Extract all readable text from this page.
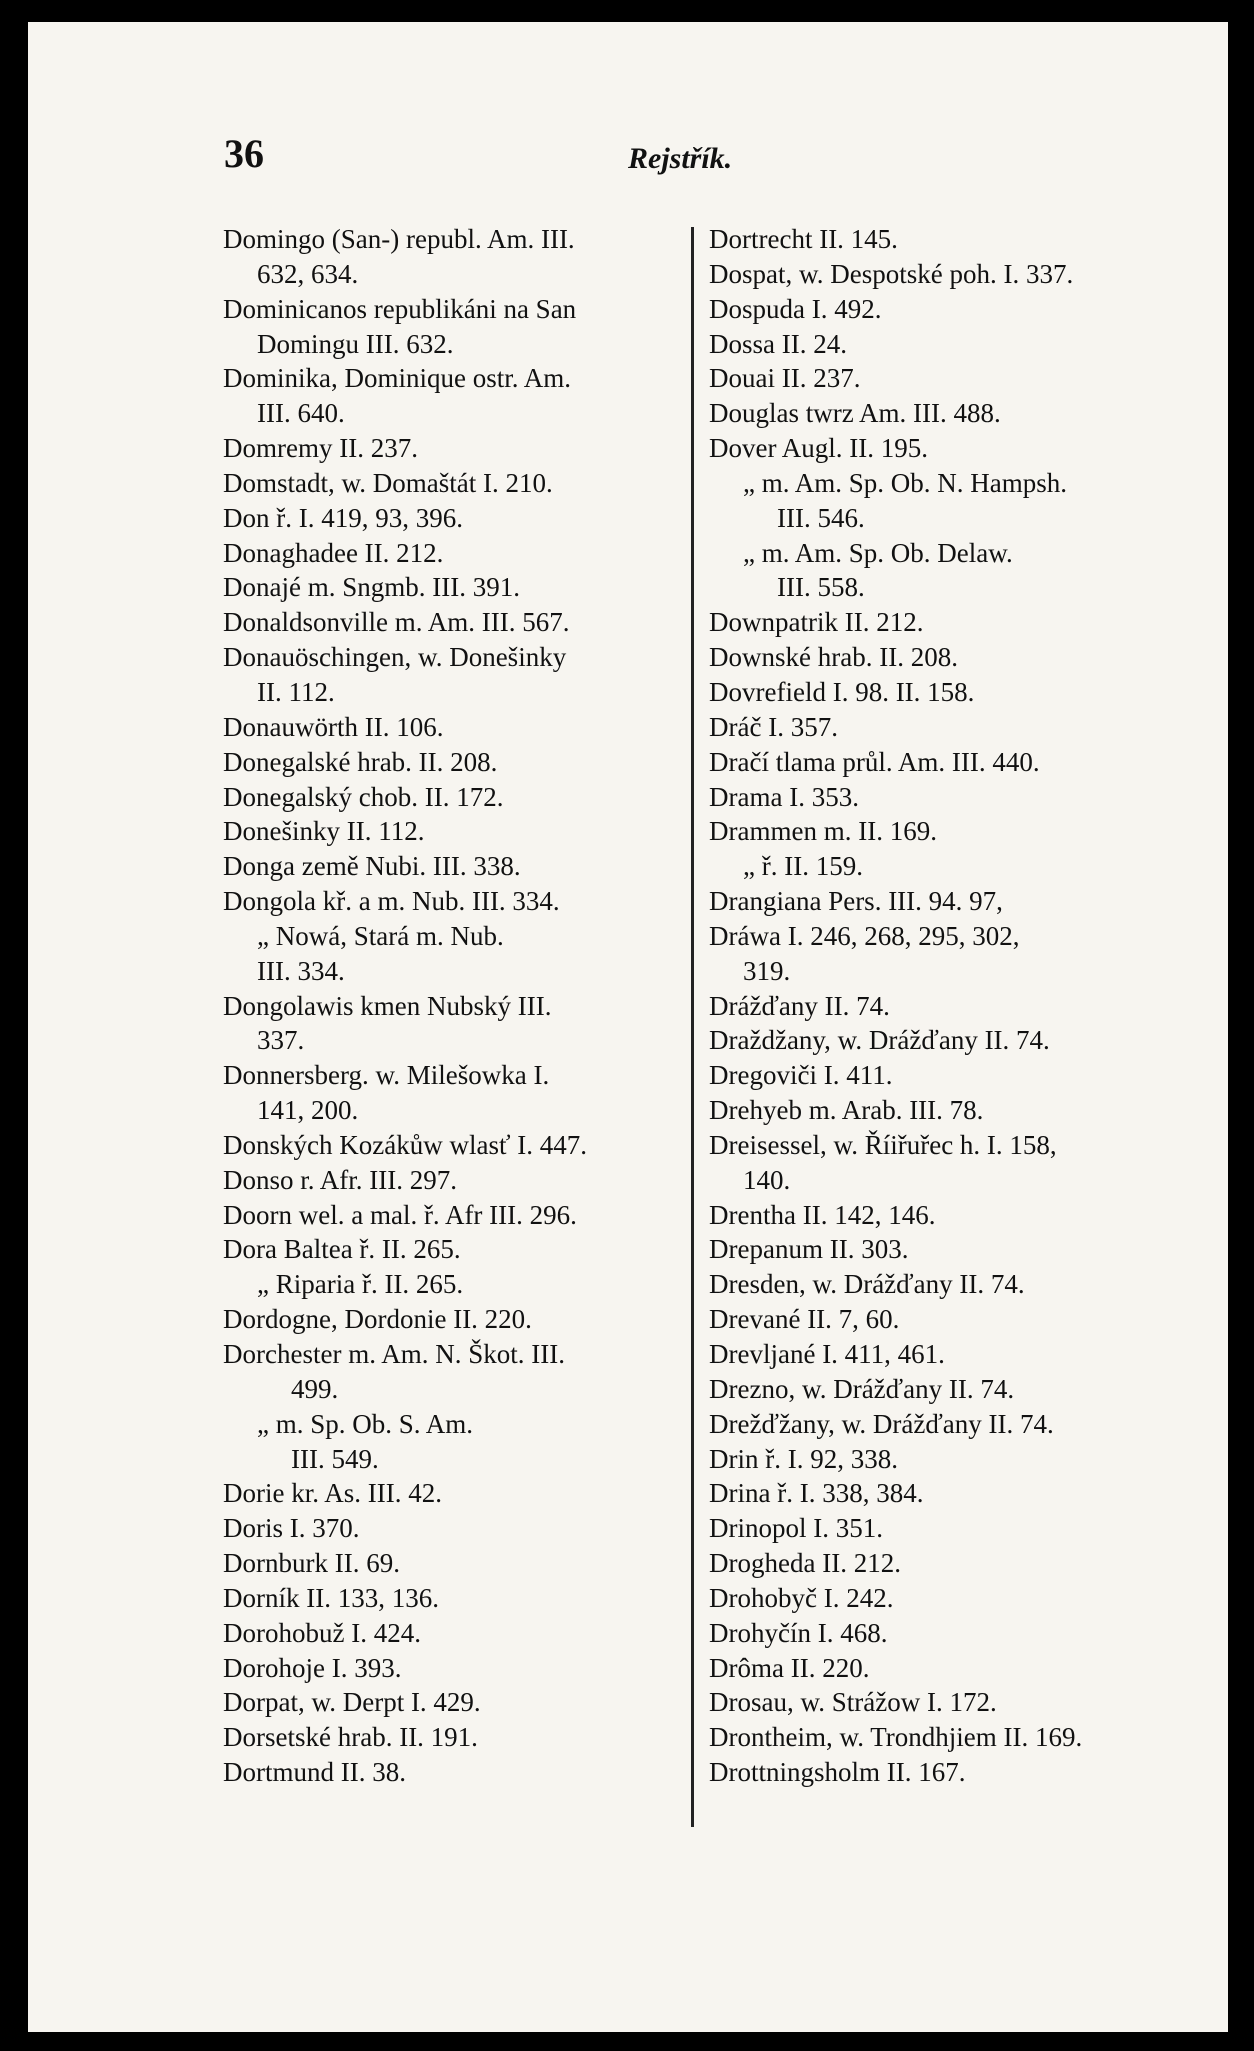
36	Rejstřík.
Domingo (San-) republ. Am. III.
632, 634.
Dominicanos republikáni na San
Domingu III. 632.
Dominika, Dominique ostr. Am.
III. 640.
Domremy II. 237.
Domstadt, w. Domaštát I. 210.
Don ř. I. 419, 93, 396.
Donaghadee II. 212.
Donajé m. Sngmb. III. 391.
Donaldsonville m. Am. III. 567.
Donauöschingen, w. Donešinky
II. 112.
Donauwörth II. 106.
Donegalské hrab. II. 208.
Donegalský chob. II. 172.
Donešinky II. 112.
Donga země Nubi. III. 338.
Dongola kř. a m. Nub. III. 334.
„ Nowá, Stará m. Nub.
III. 334.
Dongolawis kmen Nubský III.
337.
Donnersberg. w. Milešowka I.
141, 200.
Donských Kozákůw wlasť I. 447.
Donso r. Afr. III. 297.
Doorn wel. a mal. ř. Afr III. 296.
Dora Baltea ř. II. 265.
„ Riparia ř. II. 265.
Dordogne, Dordonie II. 220.
Dorchester m. Am. N. Škot. III.
499.
„ m. Sp. Ob. S. Am.
III. 549.
Dorie kr. As. III. 42.
Doris I. 370.
Dornburk II. 69.
Dorník II. 133, 136.
Dorohobuž I. 424.
Dorohoje I. 393.
Dorpat, w. Derpt I. 429.
Dorsetské hrab. II. 191.
Dortmund II. 38.
Dortrecht II. 145.
Dospat, w. Despotské poh. I. 337.
Dospuda I. 492.
Dossa II. 24.
Douai II. 237.
Douglas twrz Am. III. 488.
Dover Augl. II. 195.
„ m. Am. Sp. Ob. N. Hampsh.
III. 546.
„ m. Am. Sp. Ob. Delaw.
III. 558.
Downpatrik II. 212.
Downské hrab. II. 208.
Dovrefield I. 98. II. 158.
Dráč I. 357.
Dračí tlama průl. Am. III. 440.
Drama I. 353.
Drammen m. II. 169.
„ ř. II. 159.
Drangiana Pers. III. 94. 97,
Dráwa I. 246, 268, 295, 302,
319.
Drážďany II. 74.
Draždžany, w. Drážďany II. 74.
Dregoviči I. 411.
Drehyeb m. Arab. III. 78.
Dreisessel, w. Říiřuřec h. I. 158,
140.
Drentha II. 142, 146.
Drepanum II. 303.
Dresden, w. Drážďany II. 74.
Drevané II. 7, 60.
Drevljané I. 411, 461.
Drezno, w. Drážďany II. 74.
Drežďžany, w. Drážďany II. 74.
Drin ř. I. 92, 338.
Drina ř. I. 338, 384.
Drinopol I. 351.
Drogheda II. 212.
Drohobyč I. 242.
Drohyčín I. 468.
Drôma II. 220.
Drosau, w. Strážow I. 172.
Drontheim, w. Trondhjiem II. 169.
Drottningsholm II. 167.
